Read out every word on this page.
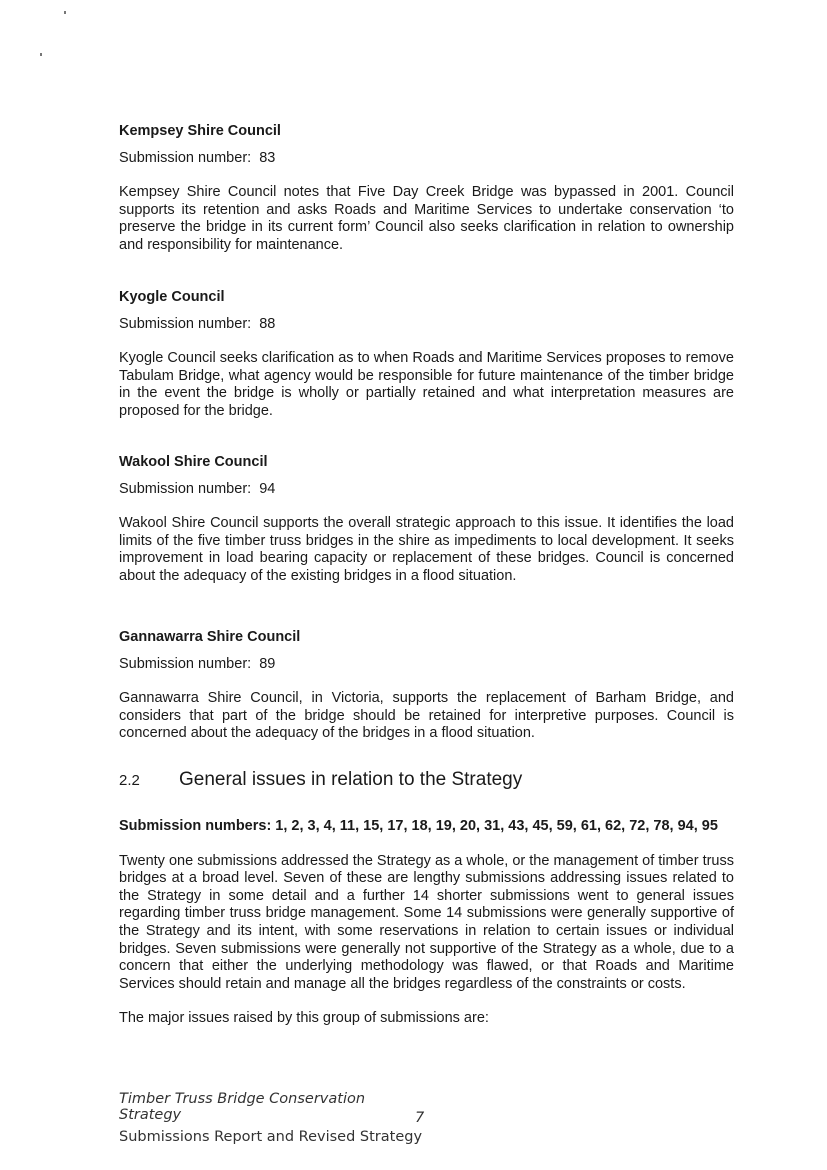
Kempsey Shire Council
Submission number: 83

Kempsey Shire Council notes that Five Day Creek Bridge was bypassed in 2001. Council supports its retention and asks Roads and Maritime Services to undertake conservation ‘to preserve the bridge in its current form’ Council also seeks clarification in relation to ownership and responsibility for maintenance.

Kyogle Council
Submission number: 88

Kyogle Council seeks clarification as to when Roads and Maritime Services proposes to remove Tabulam Bridge, what agency would be responsible for future maintenance of the timber bridge in the event the bridge is wholly or partially retained and what interpretation measures are proposed for the bridge.

Wakool Shire Council
Submission number: 94

Wakool Shire Council supports the overall strategic approach to this issue. It identifies the load limits of the five timber truss bridges in the shire as impediments to local development. It seeks improvement in load bearing capacity or replacement of these bridges. Council is concerned about the adequacy of the existing bridges in a flood situation.

Gannawarra Shire Council
Submission number: 89

Gannawarra Shire Council, in Victoria, supports the replacement of Barham Bridge, and considers that part of the bridge should be retained for interpretive purposes. Council is concerned about the adequacy of the bridges in a flood situation.

2.2 General issues in relation to the Strategy

Submission numbers: 1, 2, 3, 4, 11, 15, 17, 18, 19, 20, 31, 43, 45, 59, 61, 62, 72, 78, 94, 95

Twenty one submissions addressed the Strategy as a whole, or the management of timber truss bridges at a broad level. Seven of these are lengthy submissions addressing issues related to the Strategy in some detail and a further 14 shorter submissions went to general issues regarding timber truss bridge management. Some 14 submissions were generally supportive of the Strategy and its intent, with some reservations in relation to certain issues or individual bridges. Seven submissions were generally not supportive of the Strategy as a whole, due to a concern that either the underlying methodology was flawed, or that Roads and Maritime Services should retain and manage all the bridges regardless of the constraints or costs.

The major issues raised by this group of submissions are:

Timber Truss Bridge Conservation Strategy	7
Submissions Report and Revised Strategy
